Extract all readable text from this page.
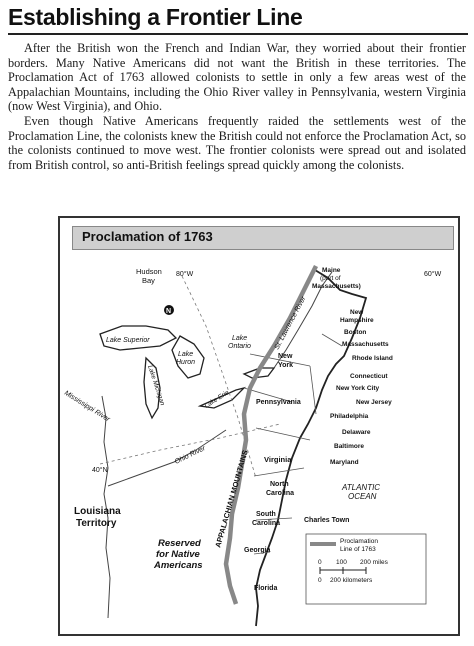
Establishing a Frontier Line

After the British won the French and Indian War, they worried about their frontier borders. Many Native Americans did not want the British in these territories. The Proclamation Act of 1763 allowed colonists to settle in only a few areas west of the Appalachian Mountains, including the Ohio River valley in Pennsylvania, western Virginia (now West Virginia), and Ohio.

Even though Native Americans frequently raided the settlements west of the Proclamation Line, the colonists knew the British could not enforce the Proclamation Act, so the colonists continued to move west. The frontier colonists were spread out and isolated from British control, so anti-British feelings spread quickly among the colonists.

Proclamation of 1763
N
Hudson
Bay
80°W	60°W
40°N
St. Lawrence River
Lake Superior
Lake
Huron
Lake
Ontario
Lake Michigan	Lake Erie
Mississippi River
Ohio River APPALACHIAN MOUNTAINS
Louisiana
Territory
Reserved
for Native
Americans
ATLANTIC
OCEAN
Maine
(part of
Massachusetts)
New
Hampshire
Boston
Massachusetts
Rhode Island
Connecticut
New York City
New Jersey
Philadelphia
Delaware
Baltimore
Maryland
New
York
Pennsylvania
Virginia
North
Carolina
South
Carolina
Georgia
Florida
Charles Town
Proclamation
Line of 1763
0 100 200 miles
0 200 kilometers
